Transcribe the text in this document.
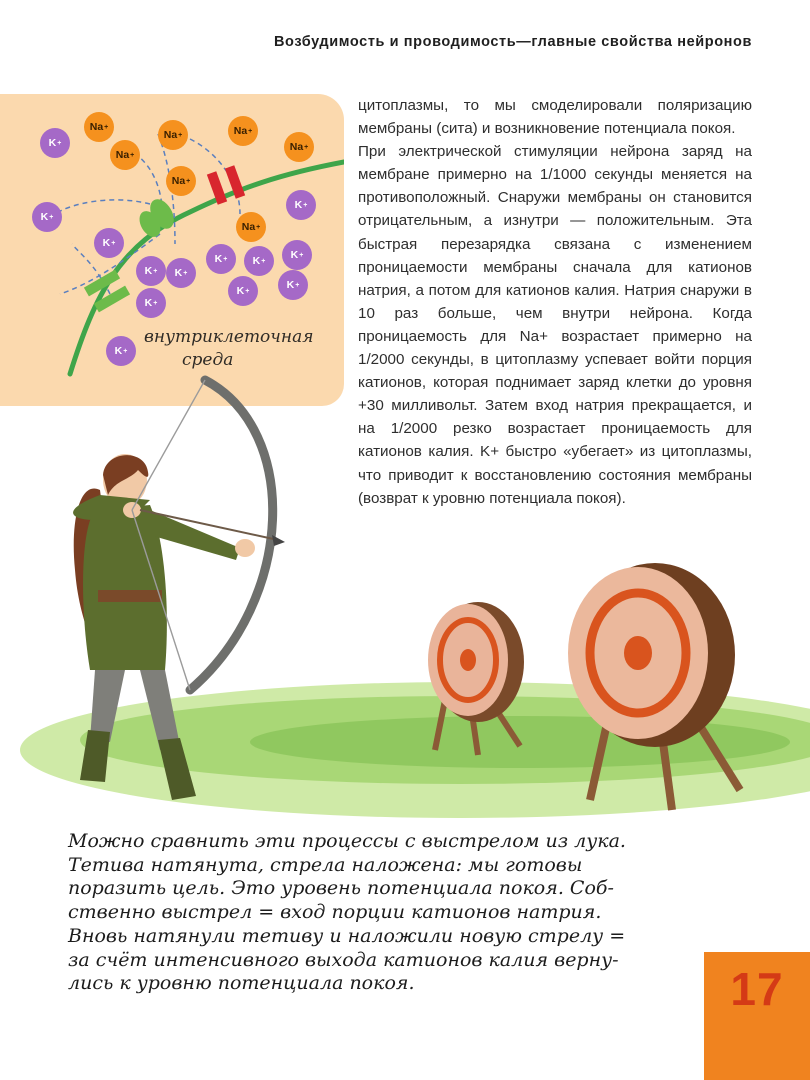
Возбудимость и проводимость—главные свойства нейронов
Na +
Na +	Na +
Na +
Na +
Na +
Na +
K +
K +
K +
K +
K +	K +
K +
K +	K +
K +
K +
K +
K +
внутриклеточная
среда

цитоплазмы, то мы смоделировали поляризацию мембраны (сита) и возникновение потенциала покоя.

При электрической стимуляции нейрона заряд на мембране примерно на 1/1000 секунды меняется на противоположный. Снаружи мембраны он становится отрицательным, а изнутри — положительным. Эта быстрая перезарядка связана с изменением проницаемости мембраны сначала для катионов натрия, а потом для катионов калия. Натрия снаружи в 10 раз больше, чем внутри нейрона. Когда проницаемость для Na+ возрастает примерно на 1/2000 секунды, в цитоплазму успевает войти порция катионов, которая поднимает заряд клетки до уровня +30 милливольт. Затем вход натрия прекращается, и на 1/2000 резко возрастает проницаемость для катионов калия. K+ быстро «убегает» из цитоплазмы, что приводит к восстановлению состояния мембраны (возврат к уровню потенциала покоя).

Можно сравнить эти процессы с выстрелом из лука.
Тетива натянута, стрела наложена: мы готовы
поразить цель. Это уровень потенциала покоя. Соб-
ственно выстрел = вход порции катионов натрия.
Вновь натянули тетиву и наложили новую стрелу =
за счёт интенсивного выхода катионов калия верну-
лись к уровню потенциала покоя.	17
